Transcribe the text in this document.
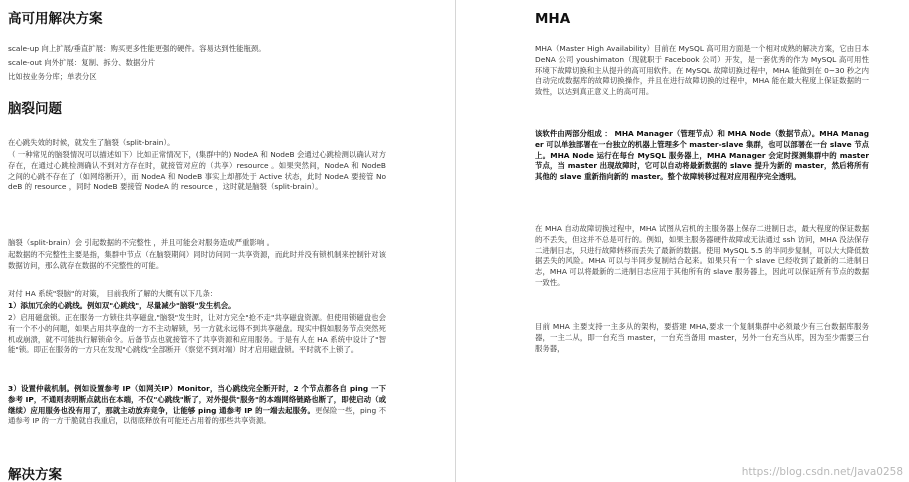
高可用解决方案

scale-up 向上扩展/垂直扩展：购买更多性能更强的硬件。容易达到性能瓶颈。

scale-out 向外扩展：复制、拆分、数据分片

比如按业务分库；单表分区

脑裂问题

在心跳失效的时候，就发生了脑裂（split-brain）。

（ 一种常见的脑裂情况可以描述如下）比如正常情况下，(集群中的) NodeA 和 NodeB 会通过心跳检测以确认对方存在，在通过心跳检测确认不到对方存在时，就接管对应的（共享）resource 。如果突然间，NodeA 和 NodeB 之间的心跳不存在了（如网络断开），而 NodeA 和 NodeB 事实上却都处于 Active 状态，此时 NodeA 要接管 NodeB 的 resource ，同时 NodeB 要接管 NodeA 的 resource ，这时就是脑裂（split-brain）。

脑裂（split-brain）会 引起数据的不完整性 ，并且可能会对服务造成严重影响 。

起数据的不完整性主要是指，集群中节点（在脑裂期间）同时访问同一共享资源，而此时并没有锁机制来控制针对该数据访问，那么就存在数据的不完整性的可能。

对付 HA 系统"裂脑"的对策， 目前我所了解的大概有以下几条：

1）添加冗余的心跳线。例如双"心跳线"，尽量减少"脑裂"发生机会。

2）启用磁盘锁。正在服务一方锁住共享磁盘,"脑裂"发生时，让对方完全"抢不走"共享磁盘资源。但使用锁磁盘也会有一个不小的问题，如果占用共享盘的一方不主动解锁，另一方就永远得不到共享磁盘。现实中假如服务节点突然死机或崩溃，就不可能执行解锁命令。后备节点也就接管不了共享资源和应用服务。于是有人在 HA 系统中设计了"智能"锁。即正在服务的一方只在发现"心跳线"全部断开（察觉不到对端）时才启用磁盘锁。平时就不上锁了。

3）设置仲裁机制。例如设置参考 IP（如网关IP）Monitor，当心跳线完全断开时，2 个节点都各自 ping 一下 参考 IP，不通则表明断点就出在本端，不仅"心跳线"断了，对外提供"服务"的本端网络链路也断了，即使启动（或继续）应用服务也没有用了，那就主动放弃竞争，让能够 ping 通参考 IP 的一端去起服务。更保险一些，ping 不通参考 IP 的一方干脆就自我重启，以彻底释放有可能还占用着的那些共享资源。

解决方案
MHA

MHA（Master High Availability）目前在 MySQL 高可用方面是一个相对成熟的解决方案，它由日本 DeNA 公司 youshimaton（现就职于 Facebook 公司）开发，是一套优秀的作为 MySQL 高可用性环境下故障切换和主从提升的高可用软件。在 MySQL 故障切换过程中，MHA 能做到在 0~30 秒之内自动完成数据库的故障切换操作，并且在进行故障切换的过程中，MHA 能在最大程度上保证数据的一致性，以达到真正意义上的高可用。

该软件由两部分组成 ： MHA Manager（管理节点）和 MHA Node（数据节点）。MHA Manager 可以单独部署在一台独立的机器上管理多个 master-slave 集群，也可以部署在一台 slave 节点上。MHA Node 运行在每台 MySQL 服务器上，MHA Manager 会定时探测集群中的 master 节点，当 master 出现故障时，它可以自动将最新数据的 slave 提升为新的 master，然后将所有其他的 slave 重新指向新的 master。整个故障转移过程对应用程序完全透明。

在 MHA 自动故障切换过程中，MHA 试图从宕机的主服务器上保存二进制日志，最大程度的保证数据的不丢失，但这并不总是可行的。例如，如果主服务器硬件故障或无法通过 ssh 访问，MHA 没法保存二进制日志，只进行故障转移而丢失了最新的数据。使用 MySQL 5.5 的半同步复制，可以大大降低数据丢失的风险。MHA 可以与半同步复制结合起来。如果只有一个 slave 已经收到了最新的二进制日志，MHA 可以将最新的二进制日志应用于其他所有的 slave 服务器上，因此可以保证所有节点的数据一致性。

目前 MHA 主要支持一主多从的架构，要搭建 MHA,要求一个复制集群中必须最少有三台数据库服务器，一主二从，即一台充当 master，一台充当备用 master，另外一台充当从库，因为至少需要三台服务器，

https://blog.csdn.net/Java0258
